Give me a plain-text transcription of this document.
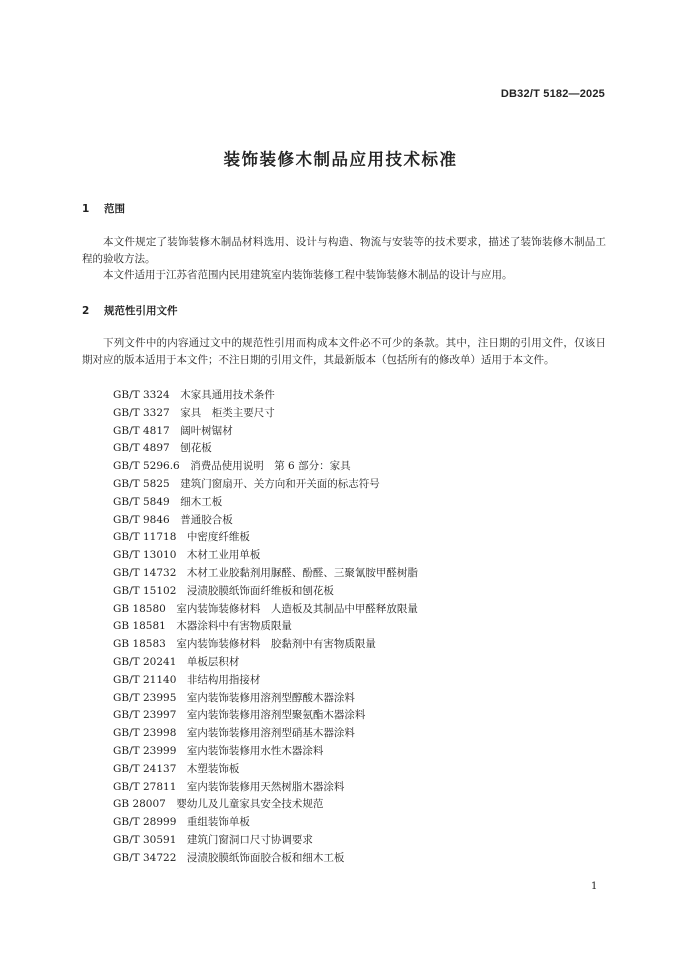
DB32/T 5182—2025
装饰装修木制品应用技术标准
1 范围

本文件规定了装饰装修木制品材料选用、设计与构造、物流与安装等的技术要求，描述了装饰装修木制品工程的验收方法。

本文件适用于江苏省范围内民用建筑室内装饰装修工程中装饰装修木制品的设计与应用。

2 规范性引用文件

下列文件中的内容通过文中的规范性引用而构成本文件必不可少的条款。其中，注日期的引用文件，仅该日期对应的版本适用于本文件；不注日期的引用文件，其最新版本（包括所有的修改单）适用于本文件。

GB/T 3324　木家具通用技术条件
GB/T 3327　家具　柜类主要尺寸
GB/T 4817　阔叶树锯材
GB/T 4897　刨花板
GB/T 5296.6　消费品使用说明　第 6 部分：家具
GB/T 5825　建筑门窗扇开、关方向和开关面的标志符号
GB/T 5849　细木工板
GB/T 9846　普通胶合板
GB/T 11718　中密度纤维板
GB/T 13010　木材工业用单板
GB/T 14732　木材工业胶黏剂用脲醛、酚醛、三聚氰胺甲醛树脂
GB/T 15102　浸渍胶膜纸饰面纤维板和刨花板
GB 18580　室内装饰装修材料　人造板及其制品中甲醛释放限量
GB 18581　木器涂料中有害物质限量
GB 18583　室内装饰装修材料　胶黏剂中有害物质限量
GB/T 20241　单板层积材
GB/T 21140　非结构用指接材
GB/T 23995　室内装饰装修用溶剂型醇酸木器涂料
GB/T 23997　室内装饰装修用溶剂型聚氨酯木器涂料
GB/T 23998　室内装饰装修用溶剂型硝基木器涂料
GB/T 23999　室内装饰装修用水性木器涂料
GB/T 24137　木塑装饰板
GB/T 27811　室内装饰装修用天然树脂木器涂料
GB 28007　婴幼儿及儿童家具安全技术规范
GB/T 28999　重组装饰单板
GB/T 30591　建筑门窗洞口尺寸协调要求
GB/T 34722　浸渍胶膜纸饰面胶合板和细木工板
1
